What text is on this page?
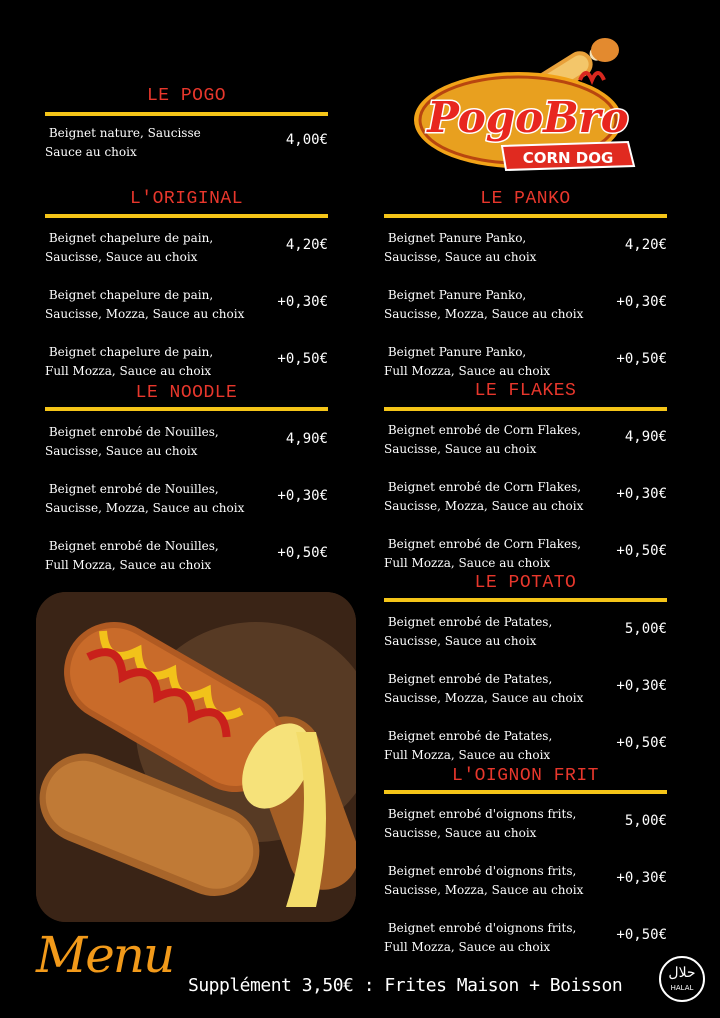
LE POGO
Beignet nature, Saucisse
Sauce au choix
4,00€
L'ORIGINAL
Beignet chapelure de pain,
Saucisse, Sauce au choix
4,20€
Beignet chapelure de pain,
Saucisse, Mozza, Sauce au choix
+0,30€
Beignet chapelure de pain,
Full Mozza, Sauce au choix
+0,50€
LE NOODLE
Beignet enrobé de Nouilles,
Saucisse, Sauce au choix
4,90€
Beignet enrobé de Nouilles,
Saucisse, Mozza, Sauce au choix
+0,30€
Beignet enrobé de Nouilles,
Full Mozza, Sauce au choix
+0,50€
LE PANKO
Beignet Panure Panko,
Saucisse, Sauce au choix
4,20€
Beignet Panure Panko,
Saucisse, Mozza, Sauce au choix
+0,30€
Beignet Panure Panko,
Full Mozza, Sauce au choix
+0,50€
LE FLAKES
Beignet enrobé de Corn Flakes,
Saucisse, Sauce au choix
4,90€
Beignet enrobé de Corn Flakes,
Saucisse, Mozza, Sauce au choix
+0,30€
Beignet enrobé de Corn Flakes,
Full Mozza, Sauce au choix
+0,50€
LE POTATO
Beignet enrobé de Patates,
Saucisse, Sauce au choix
5,00€
Beignet enrobé de Patates,
Saucisse, Mozza, Sauce au choix
+0,30€
Beignet enrobé de Patates,
Full Mozza, Sauce au choix
+0,50€
L'OIGNON FRIT
Beignet enrobé d'oignons frits,
Saucisse, Sauce au choix
5,00€
Beignet enrobé d'oignons frits,
Saucisse, Mozza, Sauce au choix
+0,30€
Beignet enrobé d'oignons frits,
Full Mozza, Sauce au choix
+0,50€
PogoBro
CORN DOG
Menu
Supplément 3,50€ : Frites Maison + Boisson
حلال
HALAL
